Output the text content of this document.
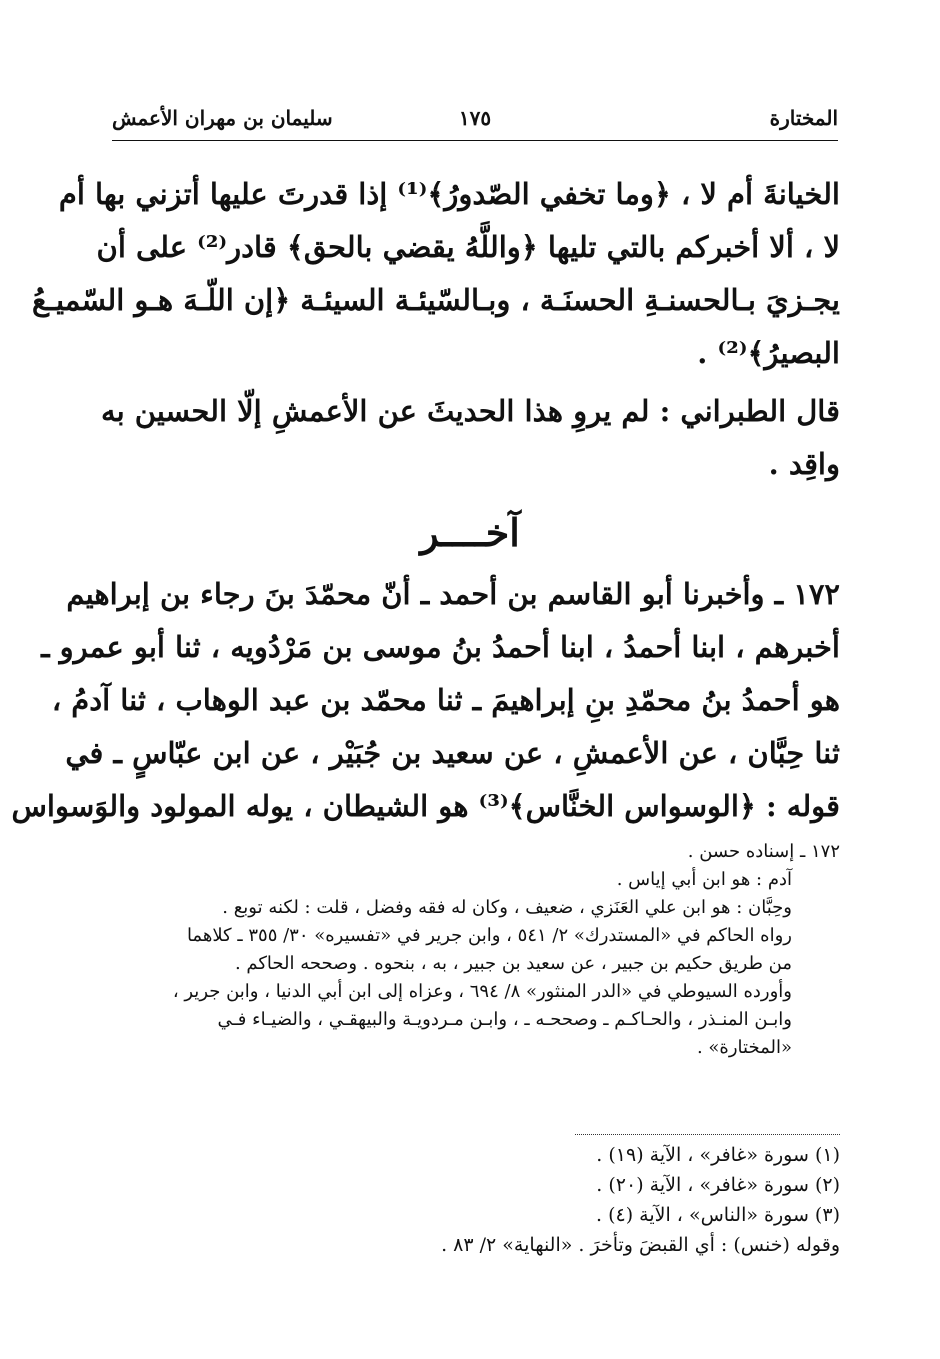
المختارة
١٧٥
سليمان بن مهران الأعمش
الخيانةَ أم لا ، ﴿وما تخفي الصّدورُ﴾⁽¹⁾ إذا قدرتَ عليها أتزني بها أم
لا ، ألا أخبركم بالتي تليها ﴿واللَّهُ يقضي بالحق﴾ قادر⁽²⁾ على أن
يجـزيَ بـالحسنـةِ الحسنَـة ، وبـالسّيئـة السيئـة ﴿إن اللّـهَ هـو السّميـعُ
البصيرُ﴾⁽²⁾ .
قال الطبراني : لم يروِ هذا الحديثَ عن الأعمشِ إلّا الحسين به
واقِد .
آخــــر
١٧٢ ـ وأخبرنا أبو القاسم بن أحمد ـ أنّ محمّدَ بنَ رجاء بن إبراهيم
أخبرهم ، ابنا أحمدُ ، ابنا أحمدُ بنُ موسى بن مَرْدُويه ، ثنا أبو عمرو ـ
هو أحمدُ بنُ محمّدِ بنِ إبراهيمَ ـ ثنا محمّد بن عبد الوهاب ، ثنا آدمُ ،
ثنا حِبَّان ، عن الأعمشِ ، عن سعيد بن جُبَيْر ، عن ابن عبّاسٍ ـ في
قوله : ﴿الوسواس الخنَّاس﴾⁽³⁾ هو الشيطان ، يوله المولود والوَسواس
١٧٢ ـ إسناده حسن .
آدم : هو ابن أبي إياس .
وحِبَّان : هو ابن علي العَنَزي ، ضعيف ، وكان له فقه وفضل ، قلت : لكنه توبع .
رواه الحاكم في «المستدرك» ٢/ ٥٤١ ، وابن جرير في «تفسيره» ٣٠/ ٣٥٥ ـ كلاهما
من طريق حكيم بن جبير ، عن سعيد بن جبير ، به ، بنحوه . وصححه الحاكم .
وأورده السيوطي في «الدر المنثور» ٨/ ٦٩٤ ، وعزاه إلى ابن أبي الدنيا ، وابن جرير ،
وابـن المنـذر ، والحـاكـم ـ وصححـه ـ ، وابـن مـردويـة والبيهقـي ، والضيـاء فـي
«المختارة» .
(١) سورة «غافر» ، الآية (١٩) .
(٢) سورة «غافر» ، الآية (٢٠) .
(٣) سورة «الناس» ، الآية (٤) .
وقوله (خنس) : أي القبضَ وتأخرَ . «النهاية» ٢/ ٨٣ .
